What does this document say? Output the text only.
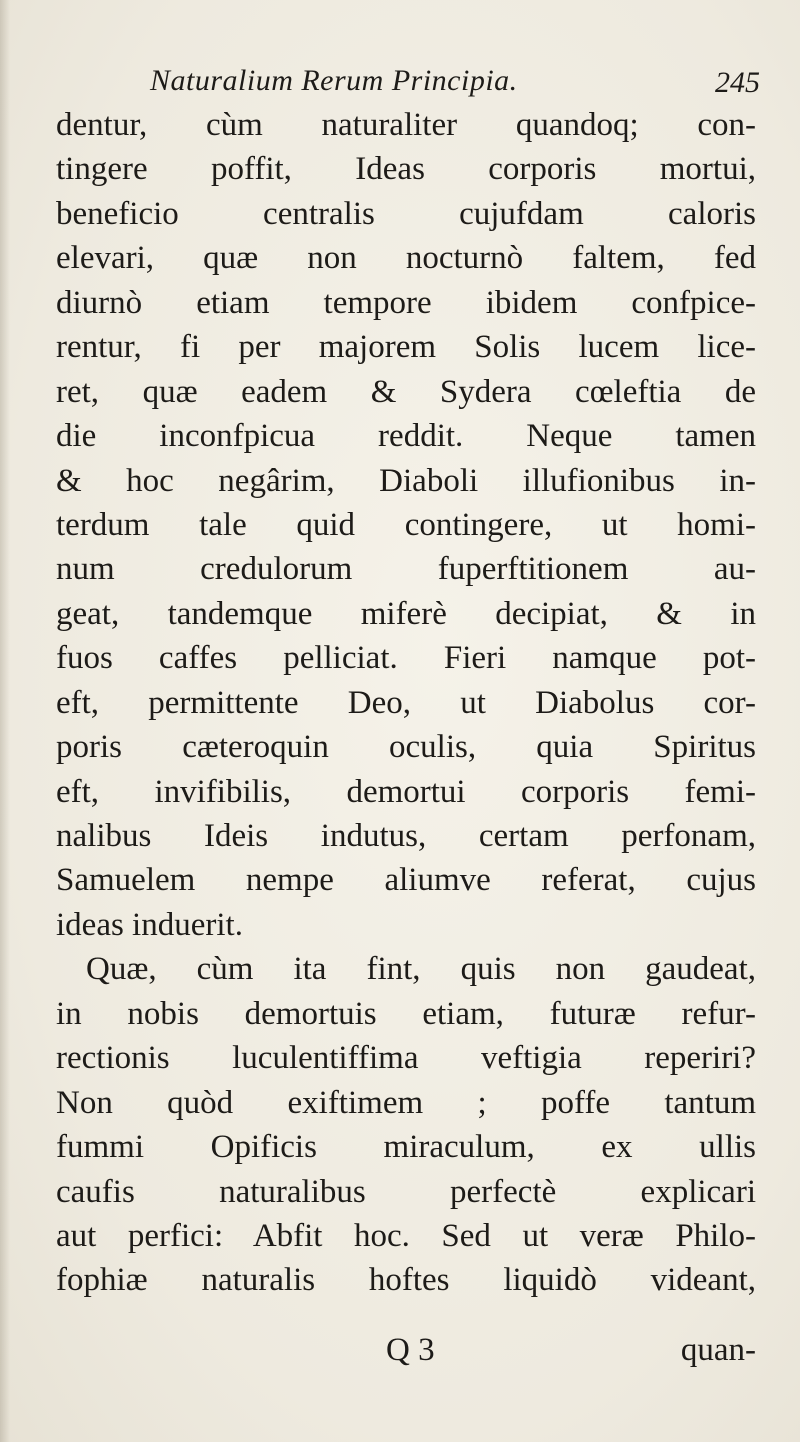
Naturalium Rerum Principia.	245
dentur, cùm naturaliter quandoq; con-
tingere poffit, Ideas corporis mortui,
beneficio centralis cujufdam caloris
elevari, quæ non nocturnò faltem, fed
diurnò etiam tempore ibidem confpice-
rentur, fi per majorem Solis lucem lice-
ret, quæ eadem & Sydera cœleftia de
die inconfpicua reddit. Neque tamen
& hoc negârim, Diaboli illufionibus in-
terdum tale quid contingere, ut homi-
num credulorum fuperftitionem au-
geat, tandemque miferè decipiat, & in
fuos caffes pelliciat. Fieri namque pot-
eft, permittente Deo, ut Diabolus cor-
poris cæteroquin oculis, quia Spiritus
eft, invifibilis, demortui corporis femi-
nalibus Ideis indutus, certam perfonam,
Samuelem nempe aliumve referat, cujus
ideas induerit.
Quæ, cùm ita fint, quis non gaudeat,
in nobis demortuis etiam, futuræ refur-
rectionis luculentiffima veftigia reperiri?
Non quòd exiftimem ; poffe tantum
fummi Opificis miraculum, ex ullis
caufis naturalibus perfectè explicari
aut perfici: Abfit hoc. Sed ut veræ Philo-
fophiæ naturalis hoftes liquidò videant,
Q 3	quan-
